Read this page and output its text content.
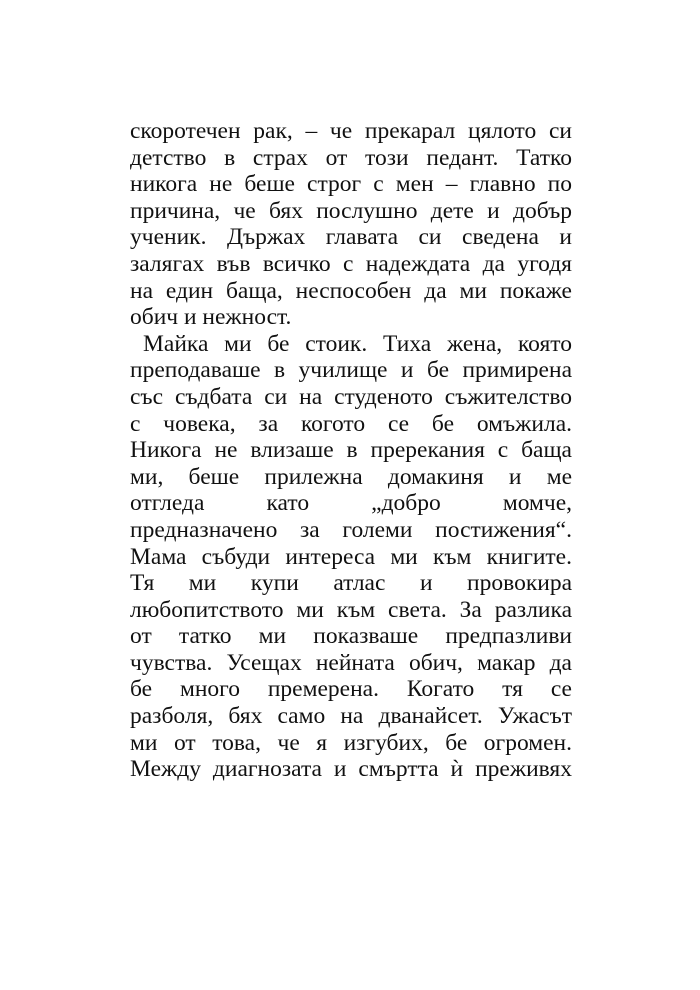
скоротечен рак, – че прекарал цялото си
детство в страх от този педант. Татко
никога не беше строг с мен – главно по
причина, че бях послушно дете и добър
ученик. Държах главата си сведена и
залягах във всичко с надеждата да угодя
на един баща, неспособен да ми покаже
обич и нежност.
Майка ми бе стоик. Тиха жена, която
преподаваше в училище и бе примирена
със съдбата си на студеното съжителство
с човека, за когото се бе омъжила.
Никога не влизаше в пререкания с баща
ми, беше прилежна домакиня и ме
отгледа като „добро момче,
предназначено за големи постижения“.
Мама събуди интереса ми към книгите.
Тя ми купи атлас и провокира
любопитството ми към света. За разлика
от татко ми показваше предпазливи
чувства. Усещах нейната обич, макар да
бе много премерена. Когато тя се
разболя, бях само на дванайсет. Ужасът
ми от това, че я изгубих, бе огромен.
Между диагнозата и смъртта ѝ преживях
